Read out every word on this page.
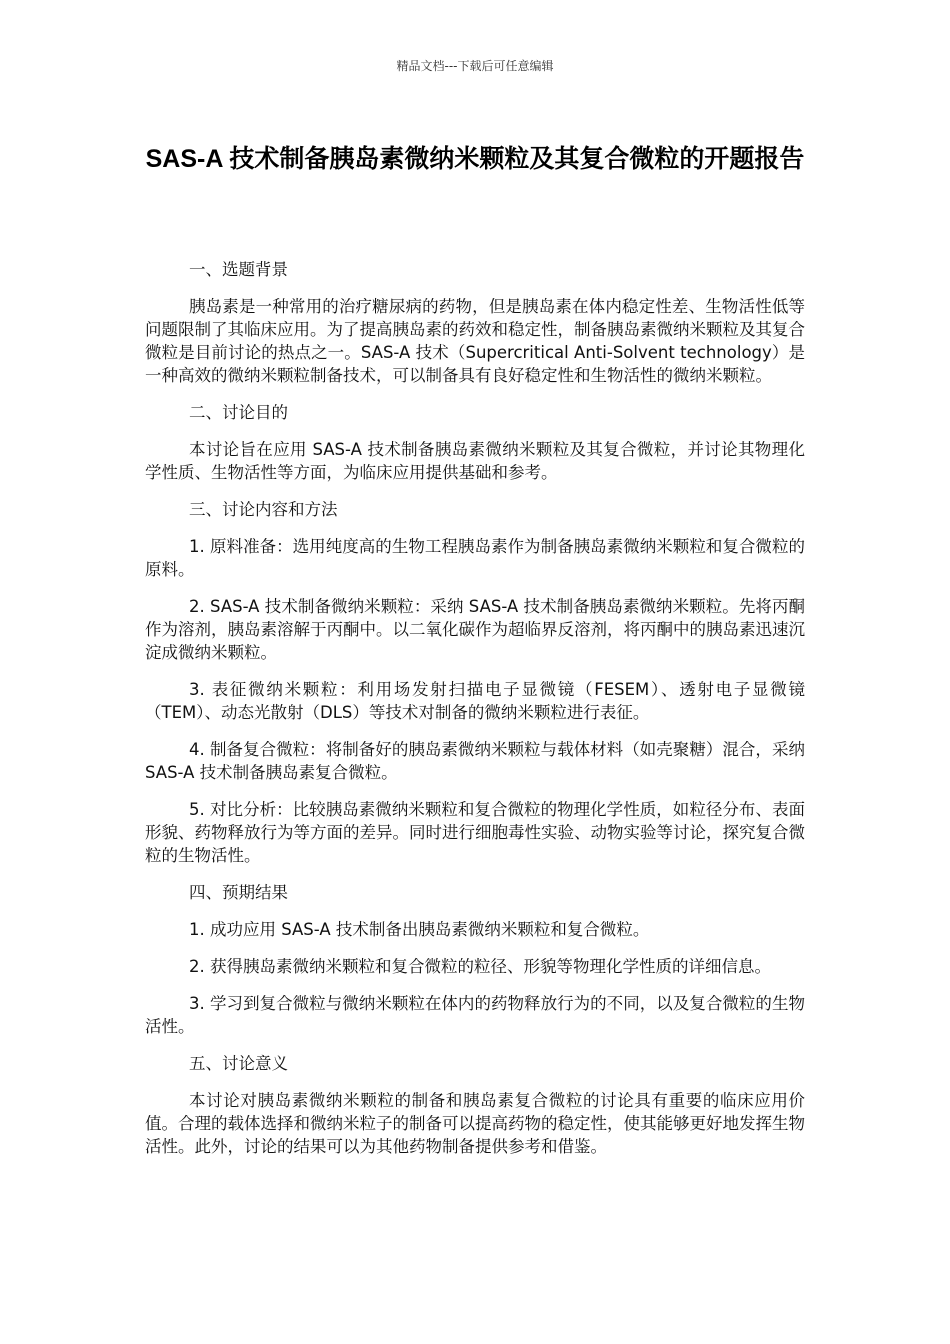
精品文档---下载后可任意编辑
SAS-A 技术制备胰岛素微纳米颗粒及其复合微粒的开题报告

一、选题背景

胰岛素是一种常用的治疗糖尿病的药物，但是胰岛素在体内稳定性差、生物活性低等问题限制了其临床应用。为了提高胰岛素的药效和稳定性，制备胰岛素微纳米颗粒及其复合微粒是目前讨论的热点之一。SAS-A 技术（Supercritical Anti-Solvent technology）是一种高效的微纳米颗粒制备技术，可以制备具有良好稳定性和生物活性的微纳米颗粒。

二、讨论目的

本讨论旨在应用 SAS-A 技术制备胰岛素微纳米颗粒及其复合微粒，并讨论其物理化学性质、生物活性等方面，为临床应用提供基础和参考。

三、讨论内容和方法

1. 原料准备：选用纯度高的生物工程胰岛素作为制备胰岛素微纳米颗粒和复合微粒的原料。

2. SAS-A 技术制备微纳米颗粒：采纳 SAS-A 技术制备胰岛素微纳米颗粒。先将丙酮作为溶剂，胰岛素溶解于丙酮中。以二氧化碳作为超临界反溶剂，将丙酮中的胰岛素迅速沉淀成微纳米颗粒。

3. 表征微纳米颗粒：利用场发射扫描电子显微镜（FESEM）、透射电子显微镜（TEM）、动态光散射（DLS）等技术对制备的微纳米颗粒进行表征。

4. 制备复合微粒：将制备好的胰岛素微纳米颗粒与载体材料（如壳聚糖）混合，采纳 SAS-A 技术制备胰岛素复合微粒。

5. 对比分析：比较胰岛素微纳米颗粒和复合微粒的物理化学性质，如粒径分布、表面形貌、药物释放行为等方面的差异。同时进行细胞毒性实验、动物实验等讨论，探究复合微粒的生物活性。

四、预期结果

1. 成功应用 SAS-A 技术制备出胰岛素微纳米颗粒和复合微粒。

2. 获得胰岛素微纳米颗粒和复合微粒的粒径、形貌等物理化学性质的详细信息。

3. 学习到复合微粒与微纳米颗粒在体内的药物释放行为的不同，以及复合微粒的生物活性。

五、讨论意义

本讨论对胰岛素微纳米颗粒的制备和胰岛素复合微粒的讨论具有重要的临床应用价值。合理的载体选择和微纳米粒子的制备可以提高药物的稳定性，使其能够更好地发挥生物活性。此外，讨论的结果可以为其他药物制备提供参考和借鉴。
